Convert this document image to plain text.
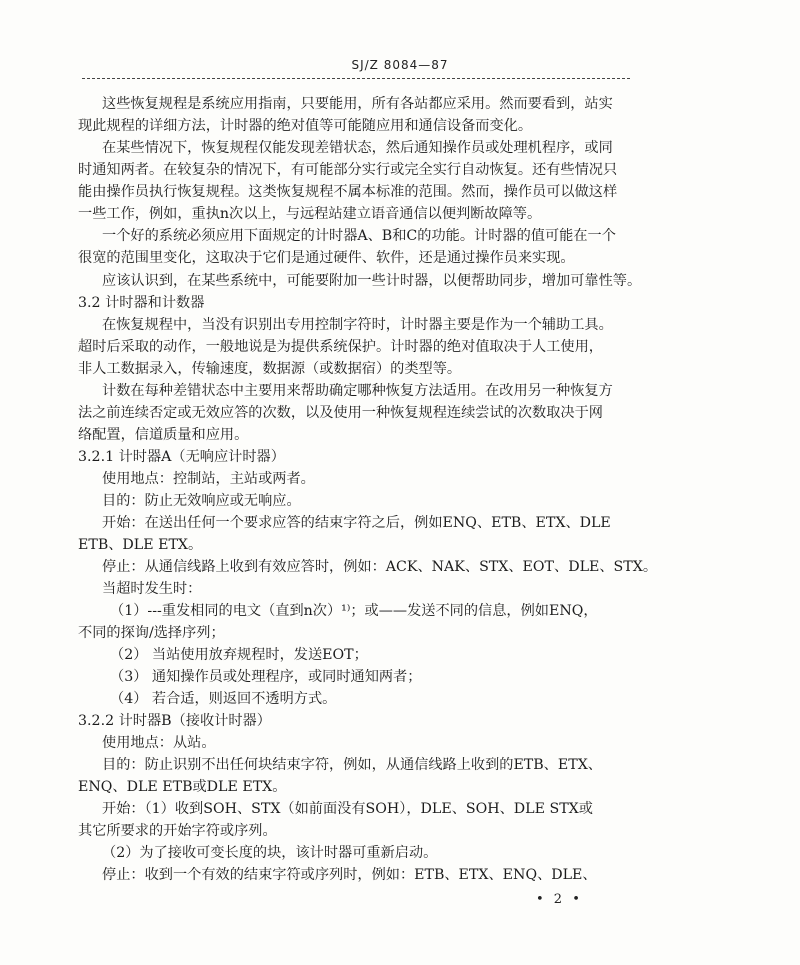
SJ/Z 8084—87
这些恢复规程是系统应用指南，只要能用，所有各站都应采用。然而要看到，站实
现此规程的详细方法，计时器的绝对值等可能随应用和通信设备而变化。
在某些情况下，恢复规程仅能发现差错状态，然后通知操作员或处理机程序，或同
时通知两者。在较复杂的情况下，有可能部分实行或完全实行自动恢复。还有些情况只
能由操作员执行恢复规程。这类恢复规程不属本标准的范围。然而，操作员可以做这样
一些工作，例如，重执n次以上，与远程站建立语音通信以便判断故障等。
一个好的系统必须应用下面规定的计时器A、B和C的功能。计时器的值可能在一个
很宽的范围里变化，这取决于它们是通过硬件、软件，还是通过操作员来实现。
应该认识到，在某些系统中，可能要附加一些计时器，以便帮助同步，增加可靠性等。
3.2 计时器和计数器
在恢复规程中，当没有识别出专用控制字符时，计时器主要是作为一个辅助工具。
超时后采取的动作，一般地说是为提供系统保护。计时器的绝对值取决于人工使用，
非人工数据录入，传输速度，数据源（或数据宿）的类型等。
计数在每种差错状态中主要用来帮助确定哪种恢复方法适用。在改用另一种恢复方
法之前连续否定或无效应答的次数，以及使用一种恢复规程连续尝试的次数取决于网
络配置，信道质量和应用。
3.2.1 计时器A（无响应计时器）
使用地点：控制站，主站或两者。
目的：防止无效响应或无响应。
开始：在送出任何一个要求应答的结束字符之后，例如ENQ、ETB、ETX、DLE
ETB、DLE ETX。
停止：从通信线路上收到有效应答时，例如：ACK、NAK、STX、EOT、DLE、STX。
当超时发生时：
（1）---重发相同的电文（直到n次）¹⁾；或——发送不同的信息，例如ENQ，
不同的探询/选择序列；
（2） 当站使用放弃规程时，发送EOT；
（3） 通知操作员或处理程序，或同时通知两者；
（4） 若合适，则返回不透明方式。
3.2.2 计时器B（接收计时器）
使用地点：从站。
目的：防止识别不出任何块结束字符，例如，从通信线路上收到的ETB、ETX、
ENQ、DLE ETB或DLE ETX。
开始：（1）收到SOH、STX（如前面没有SOH），DLE、SOH、DLE STX或
其它所要求的开始字符或序列。
（2）为了接收可变长度的块，该计时器可重新启动。
停止：收到一个有效的结束字符或序列时，例如：ETB、ETX、ENQ、DLE、
• 2 •
